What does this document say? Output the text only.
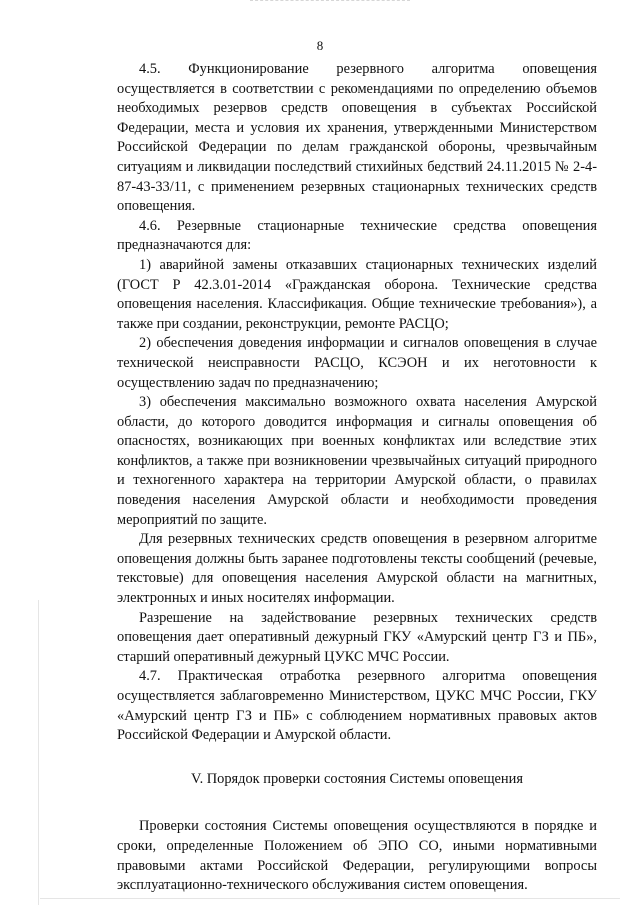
8

4.5. Функционирование резервного алгоритма оповещения осуществляется в соответствии с рекомендациями по определению объемов необходимых резервов средств оповещения в субъектах Российской Федерации, места и условия их хранения, утвержденными Министерством Российской Федерации по делам гражданской обороны, чрезвычайным ситуациям и ликвидации последствий стихийных бедствий 24.11.2015 № 2-4-87-43-33/11, с применением резервных стационарных технических средств оповещения.

4.6. Резервные стационарные технические средства оповещения предназначаются для:

1) аварийной замены отказавших стационарных технических изделий (ГОСТ Р 42.3.01-2014 «Гражданская оборона. Технические средства оповещения населения. Классификация. Общие технические требования»), а также при создании, реконструкции, ремонте РАСЦО;

2) обеспечения доведения информации и сигналов оповещения в случае технической неисправности РАСЦО, КСЭОН и их неготовности к осуществлению задач по предназначению;

3) обеспечения максимально возможного охвата населения Амурской области, до которого доводится информация и сигналы оповещения об опасностях, возникающих при военных конфликтах или вследствие этих конфликтов, а также при возникновении чрезвычайных ситуаций природного и техногенного характера на территории Амурской области, о правилах поведения населения Амурской области и необходимости проведения мероприятий по защите.

Для резервных технических средств оповещения в резервном алгоритме оповещения должны быть заранее подготовлены тексты сообщений (речевые, текстовые) для оповещения населения Амурской области на магнитных, электронных и иных носителях информации.

Разрешение на задействование резервных технических средств оповещения дает оперативный дежурный ГКУ «Амурский центр ГЗ и ПБ», старший оперативный дежурный ЦУКС МЧС России.

4.7. Практическая отработка резервного алгоритма оповещения осуществляется заблаговременно Министерством, ЦУКС МЧС России, ГКУ «Амурский центр ГЗ и ПБ» с соблюдением нормативных правовых актов Российской Федерации и Амурской области.

V. Порядок проверки состояния Системы оповещения

Проверки состояния Системы оповещения осуществляются в порядке и сроки, определенные Положением об ЭПО СО, иными нормативными правовыми актами Российской Федерации, регулирующими вопросы эксплуатационно-технического обслуживания систем оповещения.
